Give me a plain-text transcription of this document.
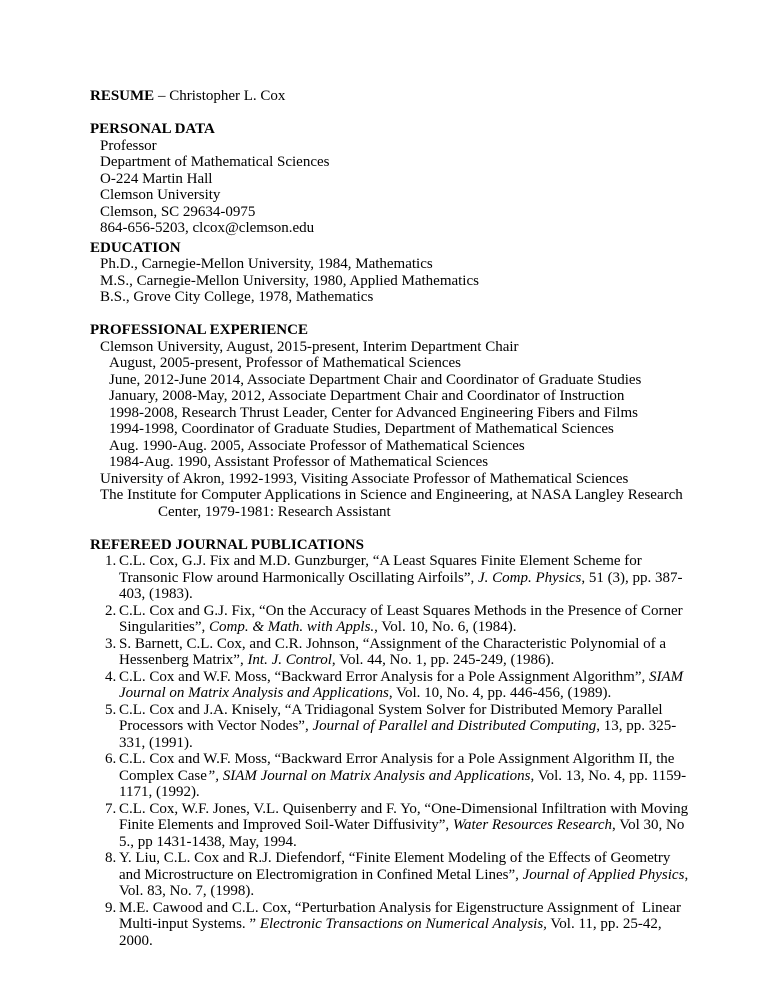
RESUME – Christopher L. Cox

PERSONAL DATA

Professor

Department of Mathematical Sciences

O-224 Martin Hall

Clemson University

Clemson, SC 29634-0975

864-656-5203, clcox@clemson.edu

EDUCATION

Ph.D., Carnegie-Mellon University, 1984, Mathematics

M.S., Carnegie-Mellon University, 1980, Applied Mathematics

B.S., Grove City College, 1978, Mathematics

PROFESSIONAL EXPERIENCE

Clemson University, August, 2015-present, Interim Department Chair

August, 2005-present, Professor of Mathematical Sciences

June, 2012-June 2014, Associate Department Chair and Coordinator of Graduate Studies

January, 2008-May, 2012, Associate Department Chair and Coordinator of Instruction

1998-2008, Research Thrust Leader, Center for Advanced Engineering Fibers and Films

1994-1998, Coordinator of Graduate Studies, Department of Mathematical Sciences

Aug. 1990-Aug. 2005, Associate Professor of Mathematical Sciences

1984-Aug. 1990, Assistant Professor of Mathematical Sciences

University of Akron, 1992-1993, Visiting Associate Professor of Mathematical Sciences

The Institute for Computer Applications in Science and Engineering, at NASA Langley Research

Center, 1979-1981: Research Assistant

REFEREED JOURNAL PUBLICATIONS

1. C.L. Cox, G.J. Fix and M.D. Gunzburger, “A Least Squares Finite Element Scheme for Transonic Flow around Harmonically Oscillating Airfoils”, J. Comp. Physics, 51 (3), pp. 387-403, (1983).
2. C.L. Cox and G.J. Fix, “On the Accuracy of Least Squares Methods in the Presence of Corner Singularities”, Comp. & Math. with Appls., Vol. 10, No. 6, (1984).
3. S. Barnett, C.L. Cox, and C.R. Johnson, “Assignment of the Characteristic Polynomial of a Hessenberg Matrix”, Int. J. Control, Vol. 44, No. 1, pp. 245-249, (1986).
4. C.L. Cox and W.F. Moss, “Backward Error Analysis for a Pole Assignment Algorithm”, SIAM Journal on Matrix Analysis and Applications, Vol. 10, No. 4, pp. 446-456, (1989).
5. C.L. Cox and J.A. Knisely, “A Tridiagonal System Solver for Distributed Memory Parallel Processors with Vector Nodes”, Journal of Parallel and Distributed Computing, 13, pp. 325-331, (1991).
6. C.L. Cox and W.F. Moss, “Backward Error Analysis for a Pole Assignment Algorithm II, the Complex Case”, SIAM Journal on Matrix Analysis and Applications, Vol. 13, No. 4, pp. 1159-1171, (1992).
7. C.L. Cox, W.F. Jones, V.L. Quisenberry and F. Yo, “One-Dimensional Infiltration with Moving Finite Elements and Improved Soil-Water Diffusivity”, Water Resources Research, Vol 30, No 5., pp 1431-1438, May, 1994.
8. Y. Liu, C.L. Cox and R.J. Diefendorf, “Finite Element Modeling of the Effects of Geometry and Microstructure on Electromigration in Confined Metal Lines”, Journal of Applied Physics, Vol. 83, No. 7, (1998).
9. M.E. Cawood and C.L. Cox, “Perturbation Analysis for Eigenstructure Assignment of  Linear Multi-input Systems. ” Electronic Transactions on Numerical Analysis, Vol. 11, pp. 25-42, 2000.
